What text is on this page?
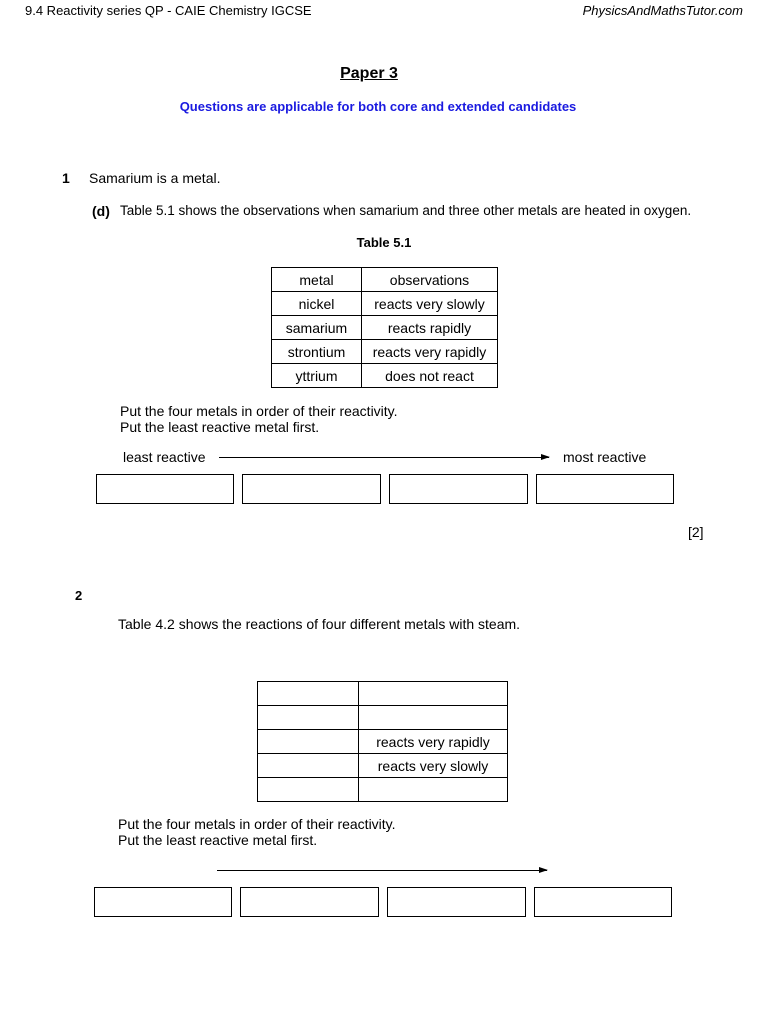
9.4 Reactivity series QP - CAIE Chemistry IGCSE	PhysicsAndMathsTutor.com
Paper 3
Questions are applicable for both core and extended candidates
1 Samarium is a metal.
(d) Table 5.1 shows the observations when samarium and three other metals are heated in oxygen.
Table 5.1
metal	observations
nickel	reacts very slowly
samarium	reacts rapidly
strontium	reacts very rapidly
yttrium	does not react
Put the four metals in order of their reactivity.
Put the least reactive metal first.
least reactive	most reactive
[2]
2
Table 4.2 shows the reactions of four different metals with steam.

	reacts very rapidly
	reacts very slowly

Put the four metals in order of their reactivity.
Put the least reactive metal first.
